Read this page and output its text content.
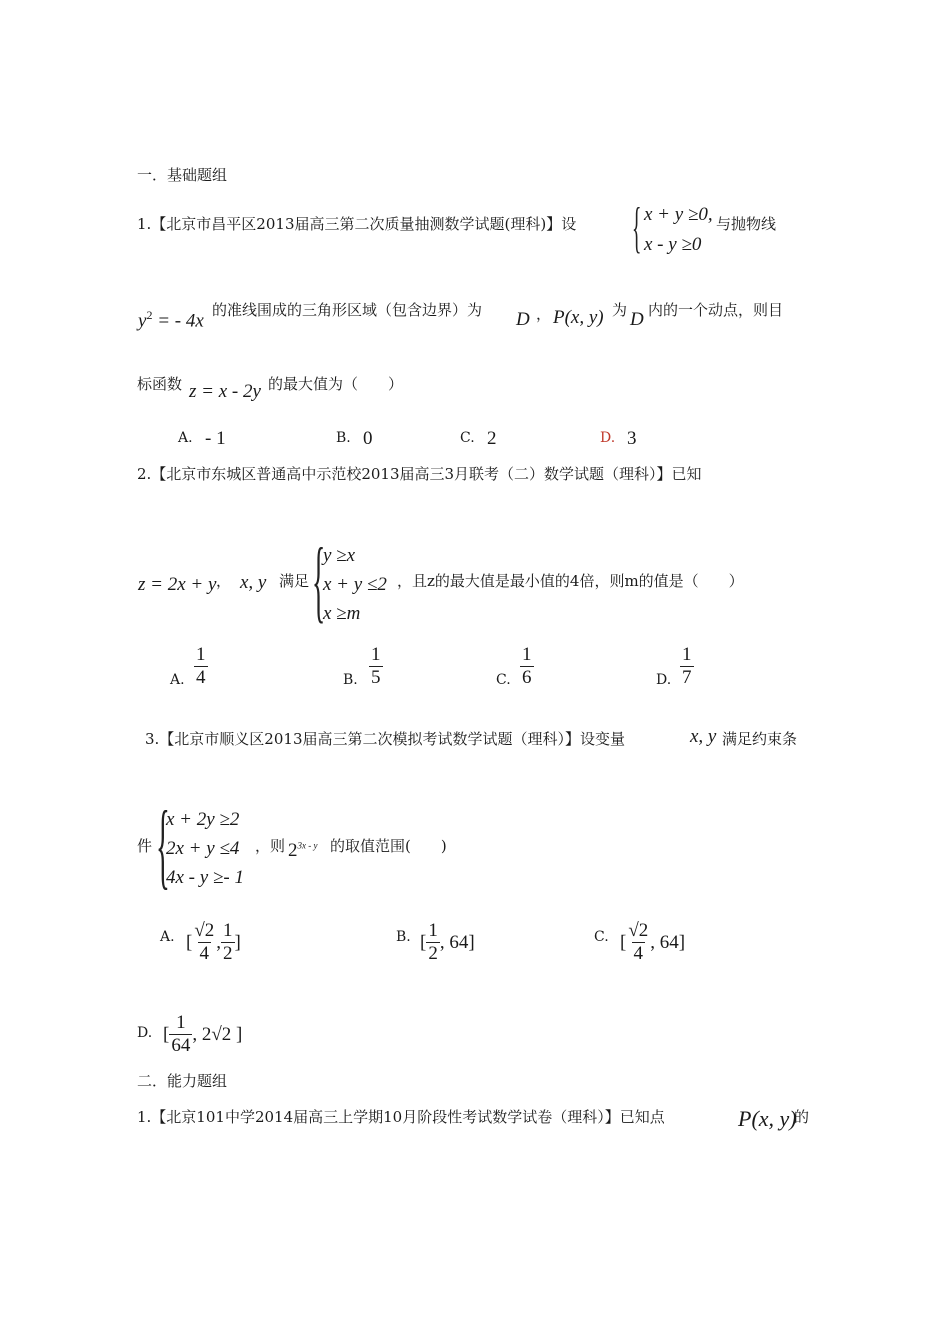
一．基础题组
1.【北京市昌平区2013届高三第二次质量抽测数学试题(理科)】设 { x + y ≥0,
x - y ≥0
与抛物线
$y^2$ = - 4x
的准线围成的三角形区域（包含边界）为 D ， P(x, y) 为 D 内的一个动点，则目
标函数 z = x - 2y 的最大值为（　　）
A. - 1	B. 0	C. 2	D. 3
2.【北京市东城区普通高中示范校2013届高三3月联考（二）数学试题（理科）】已知
z = 2x + y ， x, y 满足 {
y ≥x
x + y ≤2
x ≥m
，且z的最大值是最小值的4倍，则m的值是（　　）
A. $\frac{1}{4}$	B. $\frac{1}{5}$	C. $\frac{1}{6}$	D. $\frac{1}{7}$
3.【北京市顺义区2013届高三第二次模拟考试数学试题（理科）】设变量	x, y 满足约束条
件 {
x + 2y ≥2
2x + y ≤4
4x - y ≥- 1
，则 $2^{3x - y}$ 的取值范围(　　)
A. [ $\frac{√2}{4}$ , $\frac{1}{2}$ ]	B. [ $\frac{1}{2}$ , 64]	C. [ $\frac{√2}{4}$ , 64]
D. [ $\frac{1}{64}$ , 2√2 ]
二．能力题组
1.【北京101中学2014届高三上学期10月阶段性考试数学试卷（理科）】已知点	P(x, y)
的
